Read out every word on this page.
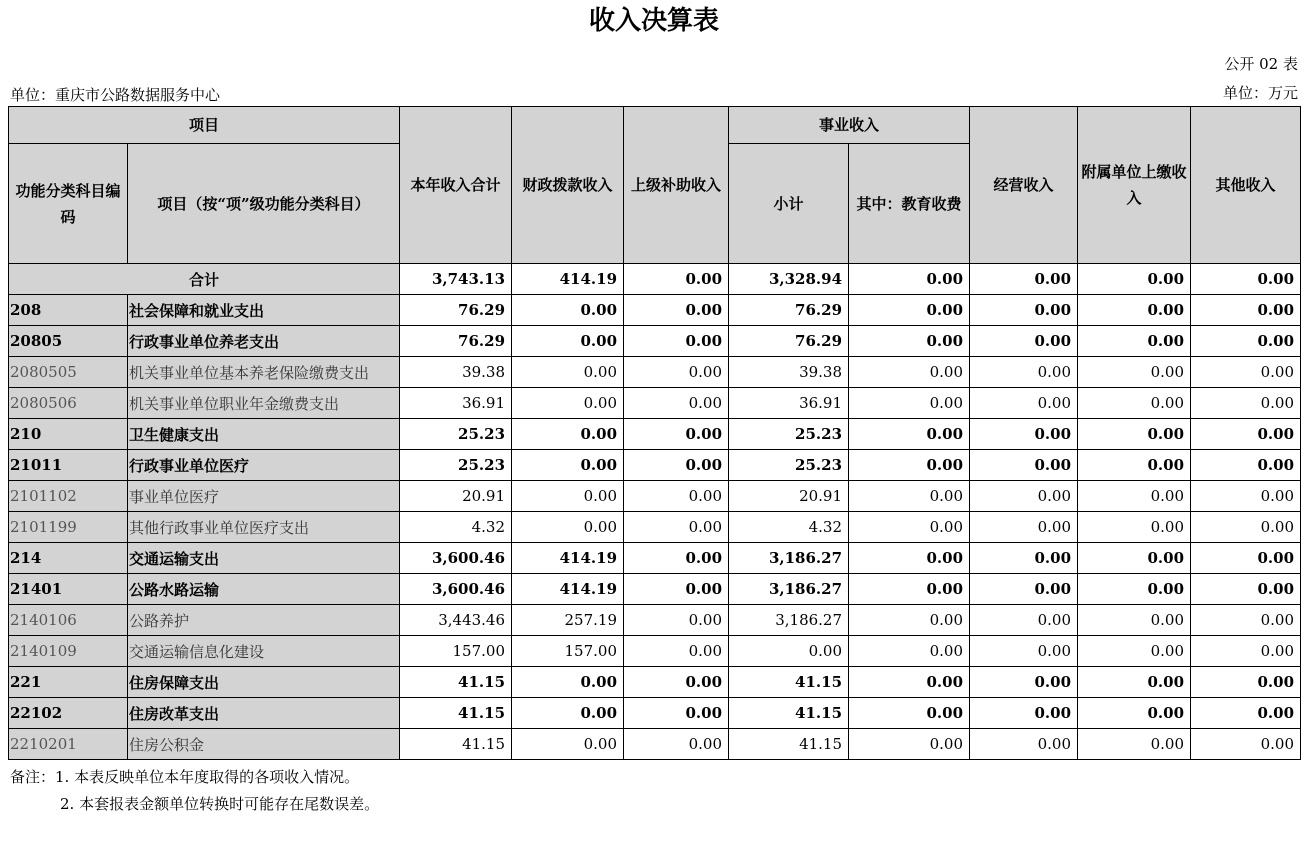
收入决算表
公开 02 表
单位：重庆市公路数据服务中心	单位：万元
项目		本年收入合计	财政拨款收入	上级补助收入	事业收入		经营收入	附属单位上缴收入	其他收入
功能分类科目编码	项目（按“项”级功能分类科目）				小计	其中：教育收费			
合计		3,743.13	414.19	0.00	3,328.94	0.00	0.00	0.00	0.00
208	社会保障和就业支出	76.29	0.00	0.00	76.29	0.00	0.00	0.00	0.00
20805	行政事业单位养老支出	76.29	0.00	0.00	76.29	0.00	0.00	0.00	0.00
2080505	机关事业单位基本养老保险缴费支出	39.38	0.00	0.00	39.38	0.00	0.00	0.00	0.00
2080506	机关事业单位职业年金缴费支出	36.91	0.00	0.00	36.91	0.00	0.00	0.00	0.00
210	卫生健康支出	25.23	0.00	0.00	25.23	0.00	0.00	0.00	0.00
21011	行政事业单位医疗	25.23	0.00	0.00	25.23	0.00	0.00	0.00	0.00
2101102	事业单位医疗	20.91	0.00	0.00	20.91	0.00	0.00	0.00	0.00
2101199	其他行政事业单位医疗支出	4.32	0.00	0.00	4.32	0.00	0.00	0.00	0.00
214	交通运输支出	3,600.46	414.19	0.00	3,186.27	0.00	0.00	0.00	0.00
21401	公路水路运输	3,600.46	414.19	0.00	3,186.27	0.00	0.00	0.00	0.00
2140106	公路养护	3,443.46	257.19	0.00	3,186.27	0.00	0.00	0.00	0.00
2140109	交通运输信息化建设	157.00	157.00	0.00	0.00	0.00	0.00	0.00	0.00
221	住房保障支出	41.15	0.00	0.00	41.15	0.00	0.00	0.00	0.00
22102	住房改革支出	41.15	0.00	0.00	41.15	0.00	0.00	0.00	0.00
2210201	住房公积金	41.15	0.00	0.00	41.15	0.00	0.00	0.00	0.00
备注：1. 本表反映单位本年度取得的各项收入情况。
2. 本套报表金额单位转换时可能存在尾数误差。
